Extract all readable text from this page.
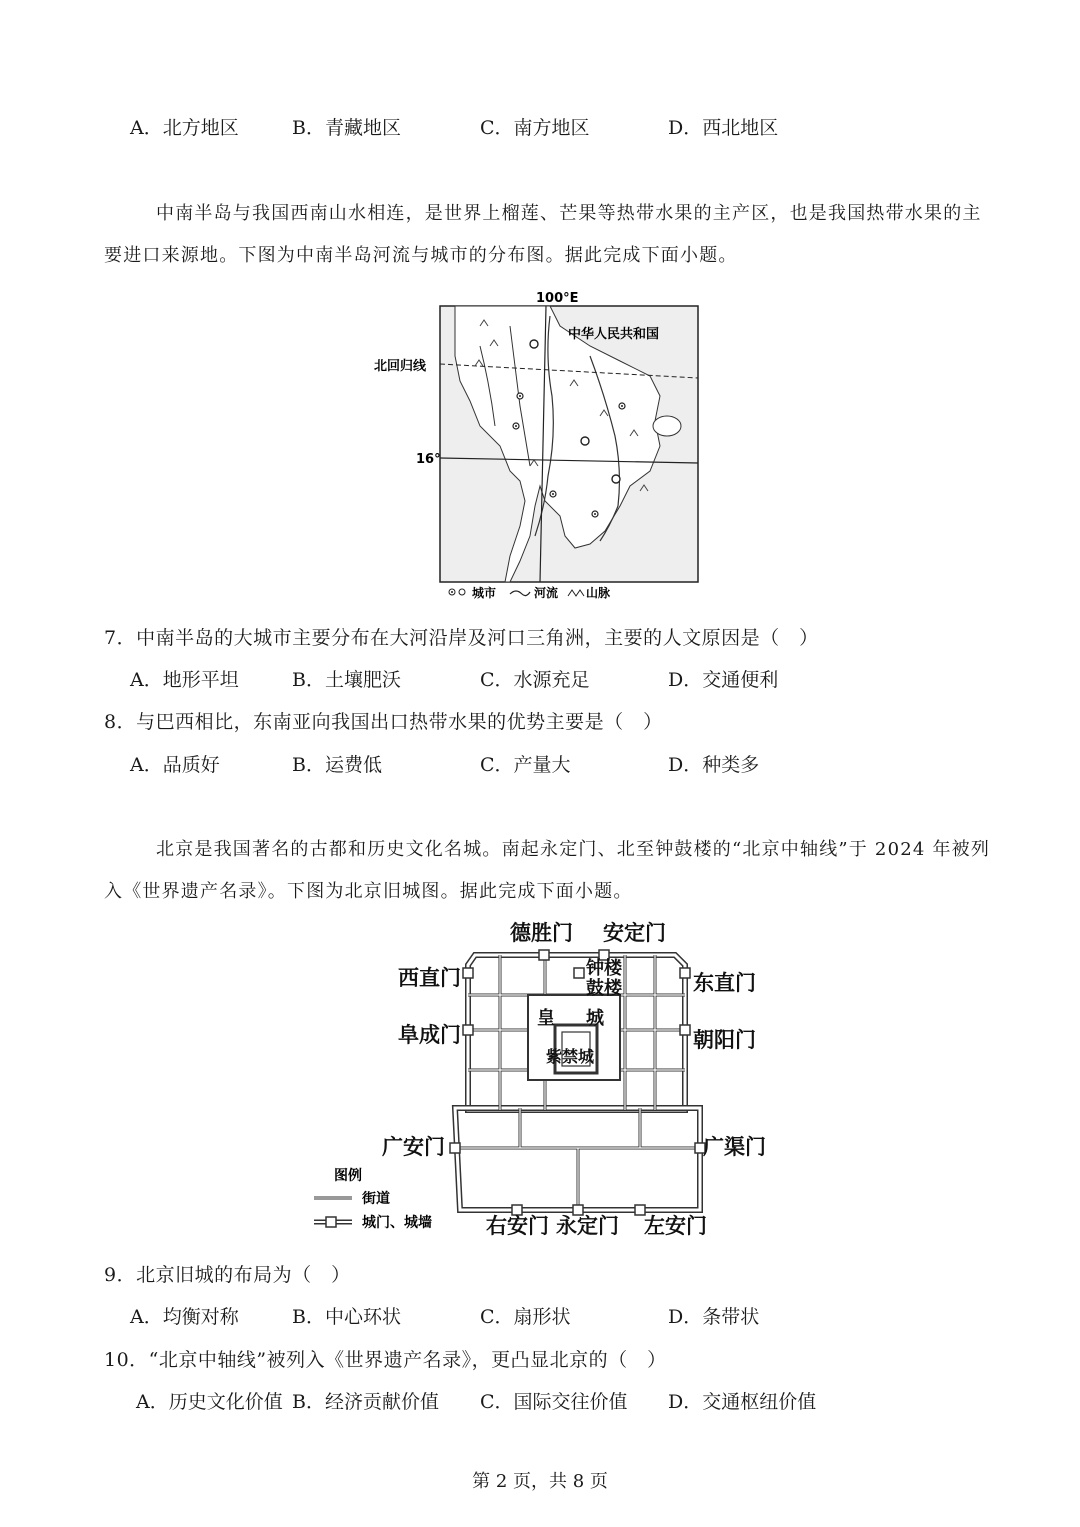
A．北方地区	B．青藏地区	C．南方地区	D．西北地区
中南半岛与我国西南山水相连，是世界上榴莲、芒果等热带水果的主产区，也是我国热带水果的主
要进口来源地。下图为中南半岛河流与城市的分布图。据此完成下面小题。
100°E
中华人民共和国
北回归线
16°
城市	河流 山脉
7．中南半岛的大城市主要分布在大河沿岸及河口三角洲，主要的人文原因是（　）
A．地形平坦	B．土壤肥沃	C．水源充足	D．交通便利
8．与巴西相比，东南亚向我国出口热带水果的优势主要是（　）
A．品质好	B．运费低	C．产量大	D．种类多
北京是我国著名的古都和历史文化名城。南起永定门、北至钟鼓楼的“北京中轴线”于 2024 年被列
入《世界遗产名录》。下图为北京旧城图。据此完成下面小题。
德胜门 安定门
西直门	东直门
阜成门	朝阳门
广安门	广渠门
右安门 永定门 左安门
钟楼
鼓楼
皇 城
紫禁城
图例
街道
城门、城墙
9．北京旧城的布局为（　）
A．均衡对称	B．中心环状	C．扇形状	D．条带状
10．“北京中轴线”被列入《世界遗产名录》，更凸显北京的（　）
A．历史文化价值 B．经济贡献价值 C．国际交往价值 D．交通枢纽价值
第 2 页，共 8 页
